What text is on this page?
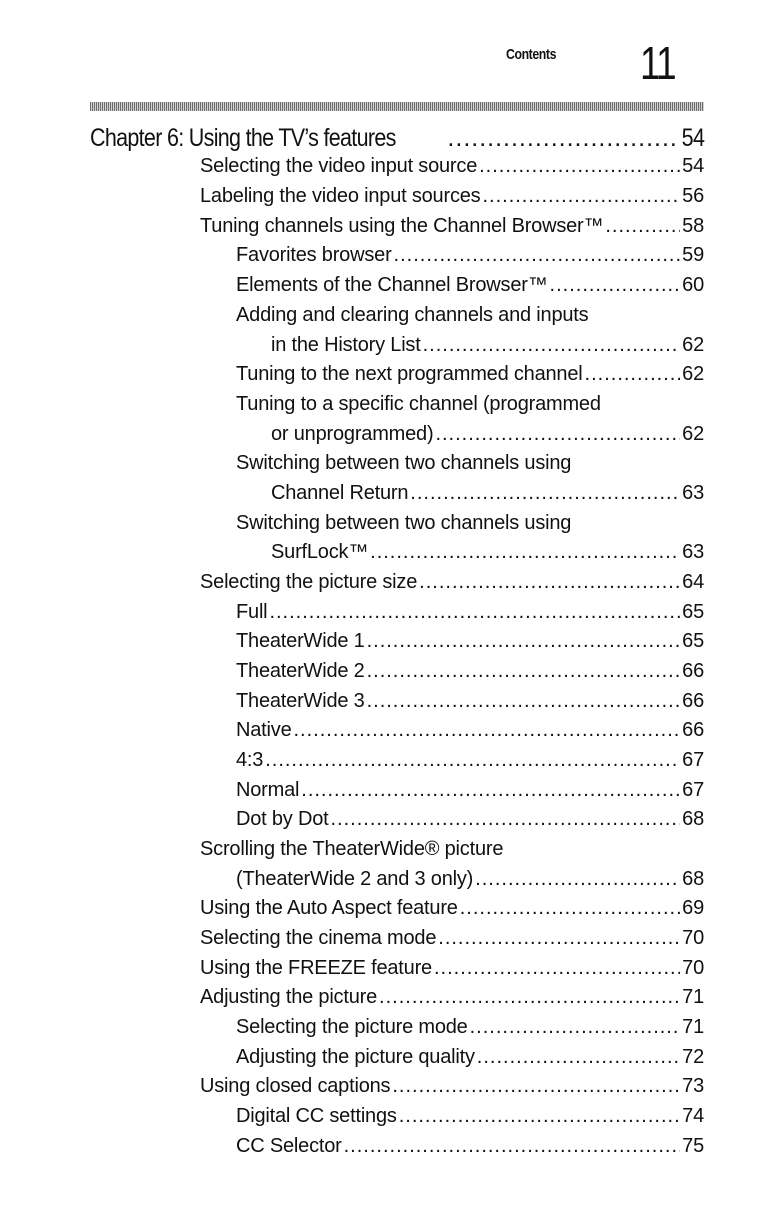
Contents 11
Chapter 6: Using the TV’s features .....	54
Selecting the video input source .....	54
Labeling the video input sources .....	56
Tuning channels using the Channel Browser™ .....	58
Favorites browser .....	59
Elements of the Channel Browser™ .....	60
Adding and clearing channels and inputs
in the History List .....	62
Tuning to the next programmed channel .....	62
Tuning to a specific channel (programmed
or unprogrammed) .....	62
Switching between two channels using
Channel Return .....	63
Switching between two channels using
SurfLock™ .....	63
Selecting the picture size .....	64
Full .....	65
TheaterWide 1 .....	65
TheaterWide 2 .....	66
TheaterWide 3 .....	66
Native .....	66
4:3 .....	67
Normal .....	67
Dot by Dot .....	68
Scrolling the TheaterWide® picture
(TheaterWide 2 and 3 only) .....	68
Using the Auto Aspect feature .....	69
Selecting the cinema mode .....	70
Using the FREEZE feature .....	70
Adjusting the picture .....	71
Selecting the picture mode .....	71
Adjusting the picture quality .....	72
Using closed captions .....	73
Digital CC settings .....	74
CC Selector .....	75
